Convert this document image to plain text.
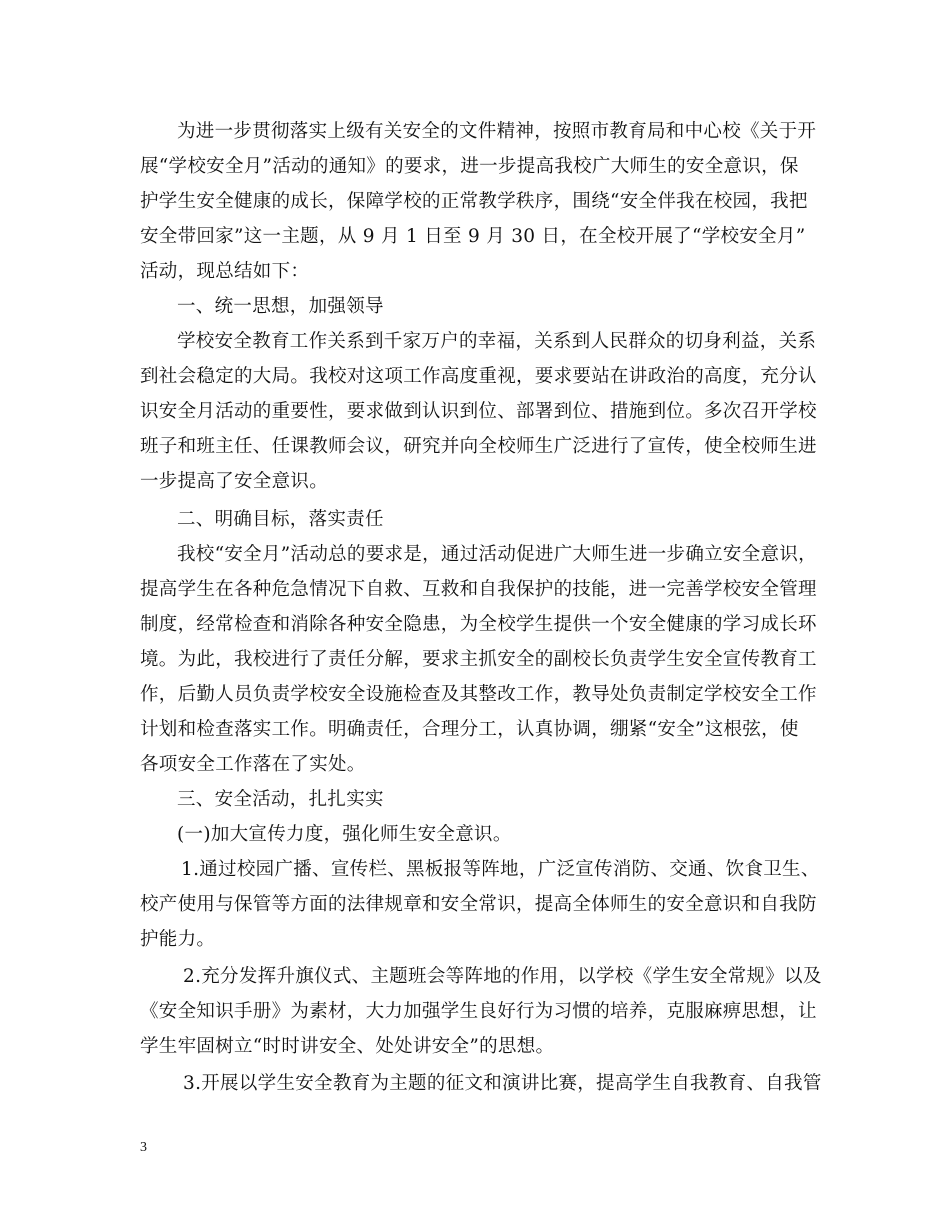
为进一步贯彻落实上级有关安全的文件精神，按照市教育局和中心校《关于开
展“学校安全月”活动的通知》的要求，进一步提高我校广大师生的安全意识，保
护学生安全健康的成长，保障学校的正常教学秩序，围绕“安全伴我在校园，我把
安全带回家”这一主题，从 9 月 1 日至 9 月 30 日，在全校开展了“学校安全月”
活动，现总结如下：
一、统一思想，加强领导
学校安全教育工作关系到千家万户的幸福，关系到人民群众的切身利益，关系
到社会稳定的大局。我校对这项工作高度重视，要求要站在讲政治的高度，充分认
识安全月活动的重要性，要求做到认识到位、部署到位、措施到位。多次召开学校
班子和班主任、任课教师会议，研究并向全校师生广泛进行了宣传，使全校师生进
一步提高了安全意识。
二、明确目标，落实责任
我校“安全月”活动总的要求是，通过活动促进广大师生进一步确立安全意识，
提高学生在各种危急情况下自救、互救和自我保护的技能，进一完善学校安全管理
制度，经常检查和消除各种安全隐患，为全校学生提供一个安全健康的学习成长环
境。为此，我校进行了责任分解，要求主抓安全的副校长负责学生安全宣传教育工
作，后勤人员负责学校安全设施检查及其整改工作，教导处负责制定学校安全工作
计划和检查落实工作。明确责任，合理分工，认真协调，绷紧“安全”这根弦，使
各项安全工作落在了实处。
三、安全活动，扎扎实实
(一)加大宣传力度，强化师生安全意识。
1.通过校园广播、宣传栏、黑板报等阵地，广泛宣传消防、交通、饮食卫生、
校产使用与保管等方面的法律规章和安全常识，提高全体师生的安全意识和自我防
护能力。
2.充分发挥升旗仪式、主题班会等阵地的作用，以学校《学生安全常规》以及
《安全知识手册》为素材，大力加强学生良好行为习惯的培养，克服麻痹思想，让
学生牢固树立“时时讲安全、处处讲安全”的思想。
3.开展以学生安全教育为主题的征文和演讲比赛，提高学生自我教育、自我管
3
